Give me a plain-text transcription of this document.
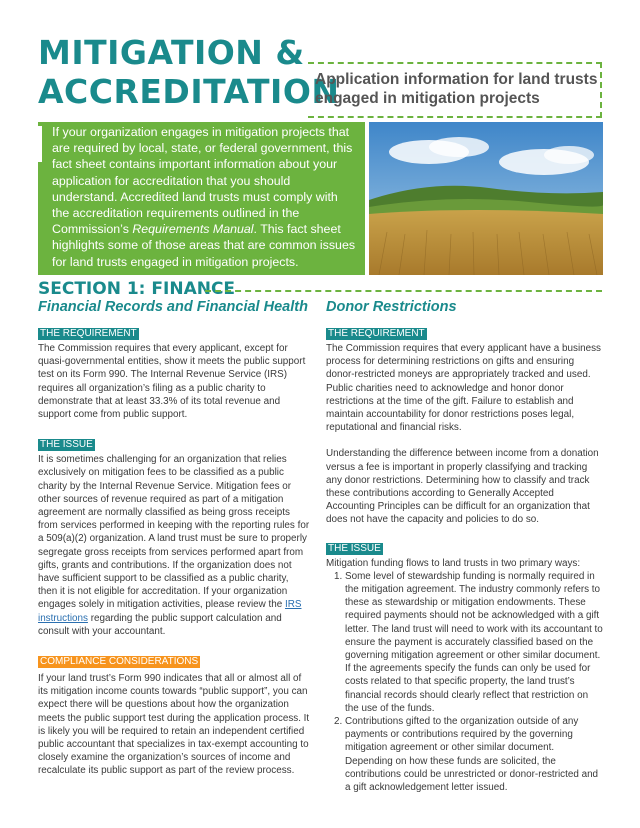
MITIGATION &
ACCREDITATION
Application information for land trusts
engaged in mitigation projects
If your organization engages in mitigation projects that are required by local, state, or federal government, this fact sheet contains important information about your application for accreditation that you should understand. Accredited land trusts must comply with the accreditation requirements outlined in the Commission’s Requirements Manual. This fact sheet highlights some of those areas that are common issues for land trusts engaged in mitigation projects.
SECTION 1: FINANCE
Financial Records and Financial Health
THE REQUIREMENT
The Commission requires that every applicant, except for quasi-governmental entities, show it meets the public support test on its Form 990. The Internal Revenue Service (IRS) requires all organization’s filing as a public charity to demonstrate that at least 33.3% of its total revenue and support come from public support.
THE ISSUE
It is sometimes challenging for an organization that relies exclusively on mitigation fees to be classified as a public charity by the Internal Revenue Service. Mitigation fees or other sources of revenue required as part of a mitigation agreement are normally classified as being gross receipts from services performed in keeping with the reporting rules for a 509(a)(2) organization. A land trust must be sure to properly segregate gross receipts from services performed apart from gifts, grants and contributions. If the organization does not have sufficient support to be classified as a public charity, then it is not eligible for accreditation. If your organization engages solely in mitigation activities, please review the IRS instructions regarding the public support calculation and consult with your accountant.
COMPLIANCE CONSIDERATIONS
If your land trust’s Form 990 indicates that all or almost all of its mitigation income counts towards “public support”, you can expect there will be questions about how the organization meets the public support test during the application process. It is likely you will be required to retain an independent certified public accountant that specializes in tax-exempt accounting to closely examine the organization’s sources of income and recalculate its public support as part of the review process.
Donor Restrictions
THE REQUIREMENT
The Commission requires that every applicant have a business process for determining restrictions on gifts and ensuring donor-restricted moneys are appropriately tracked and used. Public charities need to acknowledge and honor donor restrictions at the time of the gift. Failure to establish and maintain accountability for donor restrictions poses legal, reputational and financial risks.
Understanding the difference between income from a donation versus a fee is important in properly classifying and tracking any donor restrictions. Determining how to classify and track these contributions according to Generally Accepted Accounting Principles can be difficult for an organization that does not have the capacity and policies to do so.
THE ISSUE
Mitigation funding flows to land trusts in two primary ways:
1. Some level of stewardship funding is normally required in the mitigation agreement. The industry commonly refers to these as stewardship or mitigation endowments. These required payments should not be acknowledged with a gift letter. The land trust will need to work with its accountant to ensure the payment is accurately classified based on the governing mitigation agreement or other similar document. If the agreements specify the funds can only be used for costs related to that specific property, the land trust’s financial records should clearly reflect that restriction on the use of the funds.
2. Contributions gifted to the organization outside of any payments or contributions required by the governing mitigation agreement or other similar document. Depending on how these funds are solicited, the contributions could be unrestricted or donor-restricted and a gift acknowledgement letter issued.
